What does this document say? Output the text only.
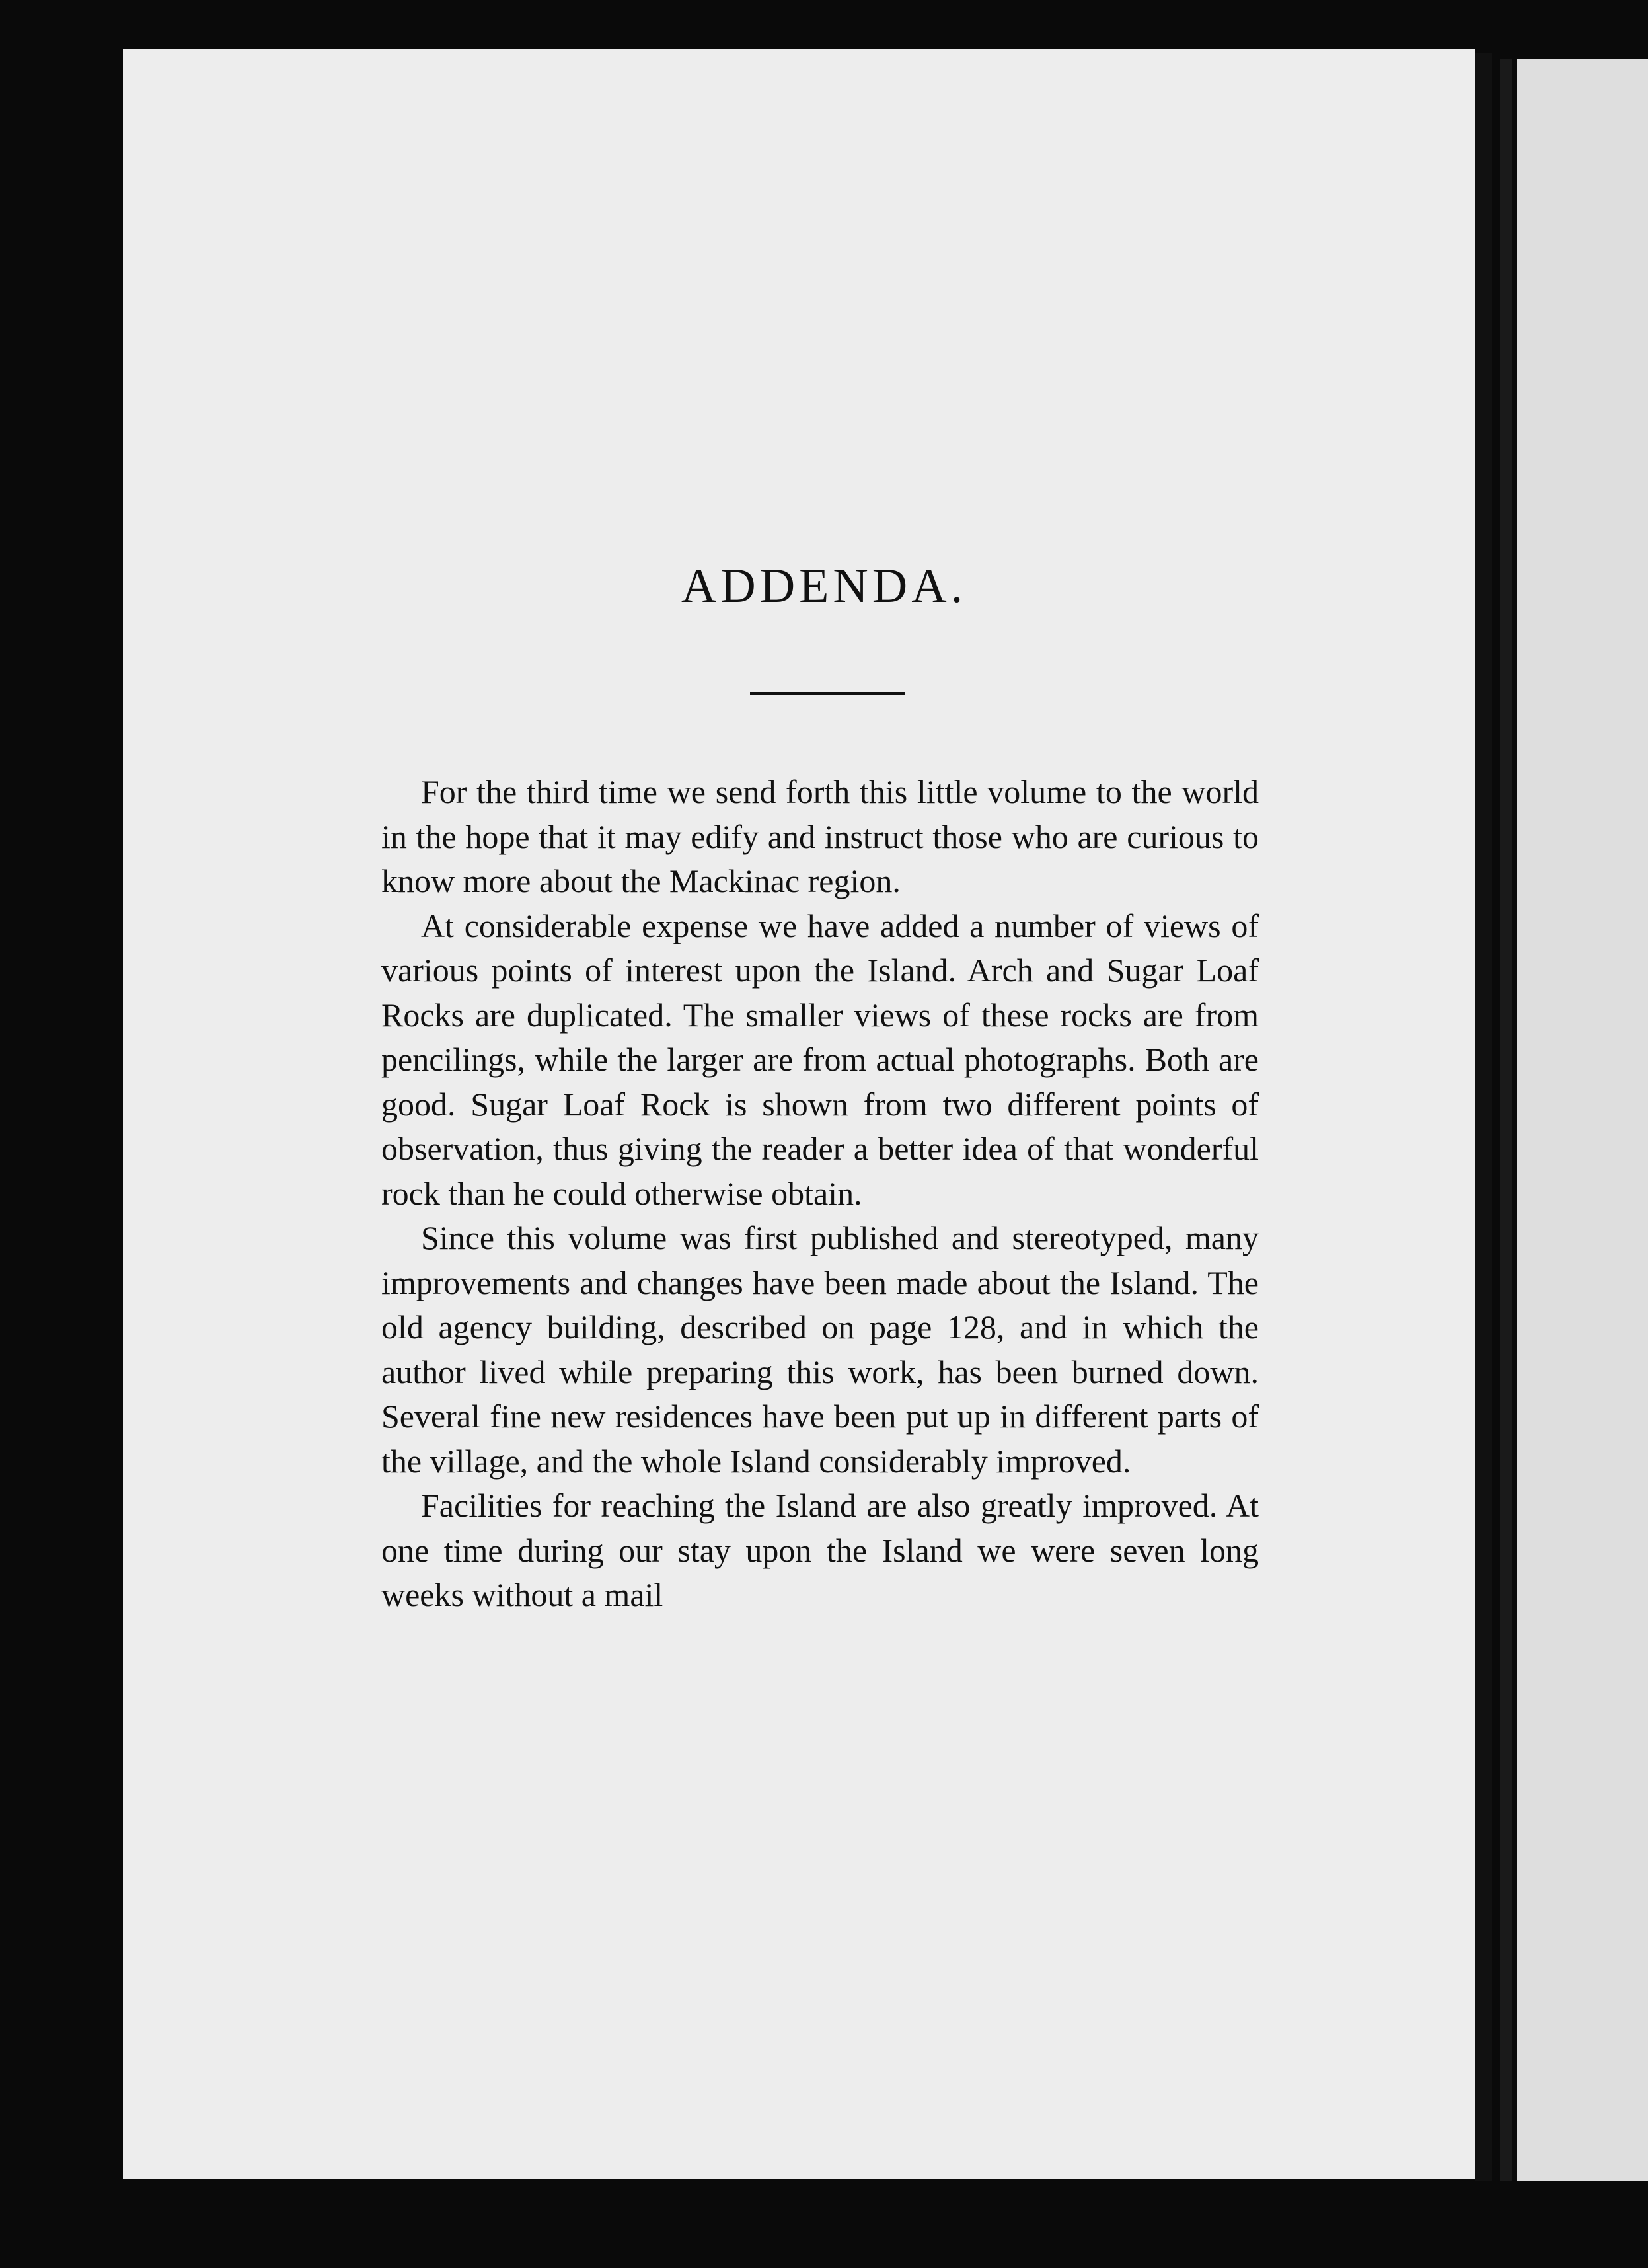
ADDENDA.

For the third time we send forth this little volume to the world in the hope that it may edify and instruct those who are curious to know more about the Mackinac region.

At considerable expense we have added a number of views of various points of interest upon the Island. Arch and Sugar Loaf Rocks are duplicated. The smaller views of these rocks are from pencilings, while the larger are from actual photographs. Both are good. Sugar Loaf Rock is shown from two different points of observation, thus giving the reader a better idea of that wonderful rock than he could otherwise obtain.

Since this volume was first published and stereotyped, many improvements and changes have been made about the Island. The old agency building, described on page 128, and in which the author lived while preparing this work, has been burned down. Several fine new residences have been put up in different parts of the village, and the whole Island considerably improved.

Facilities for reaching the Island are also greatly improved. At one time during our stay upon the Island we were seven long weeks without a mail
